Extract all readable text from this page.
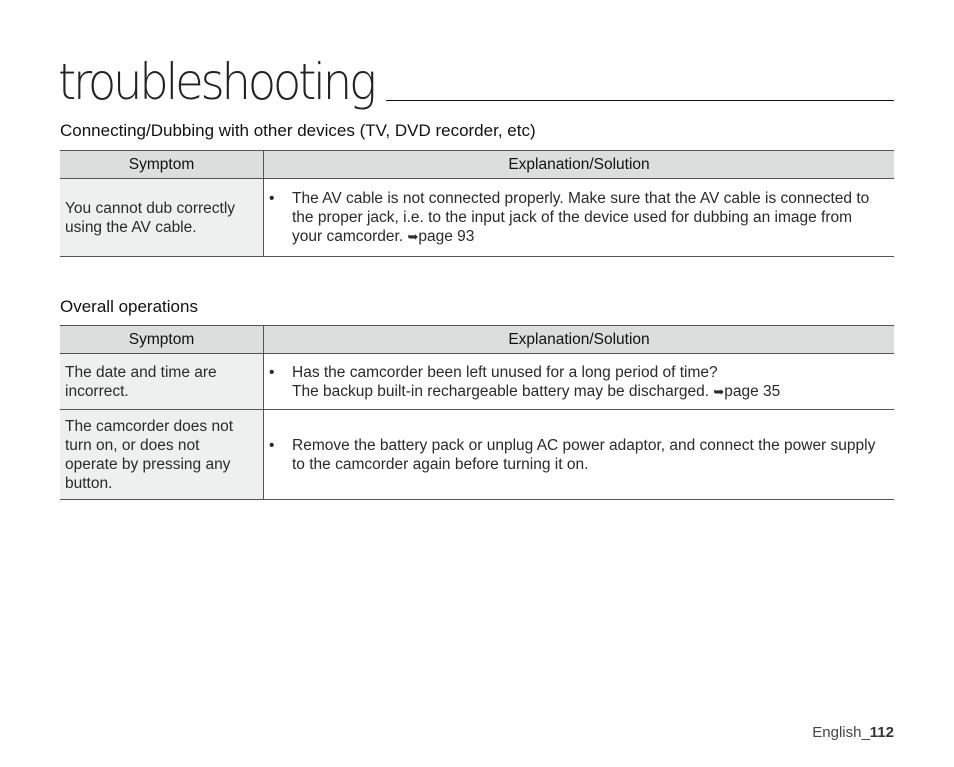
troubleshooting
Connecting/Dubbing with other devices (TV, DVD recorder, etc)
Symptom	Explanation/Solution
You cannot dub correctly using the AV cable.	• The AV cable is not connected properly. Make sure that the AV cable is connected to the proper jack, i.e. to the input jack of the device used for dubbing an image from your camcorder. ➥page 93
Overall operations
Symptom	Explanation/Solution
The date and time are incorrect.	• Has the camcorder been left unused for a long period of time?
The backup built-in rechargeable battery may be discharged. ➥page 35

The camcorder does not turn on, or does not operate by pressing any button.	• Remove the battery pack or unplug AC power adaptor, and connect the power supply to the camcorder again before turning it on.
English_112
